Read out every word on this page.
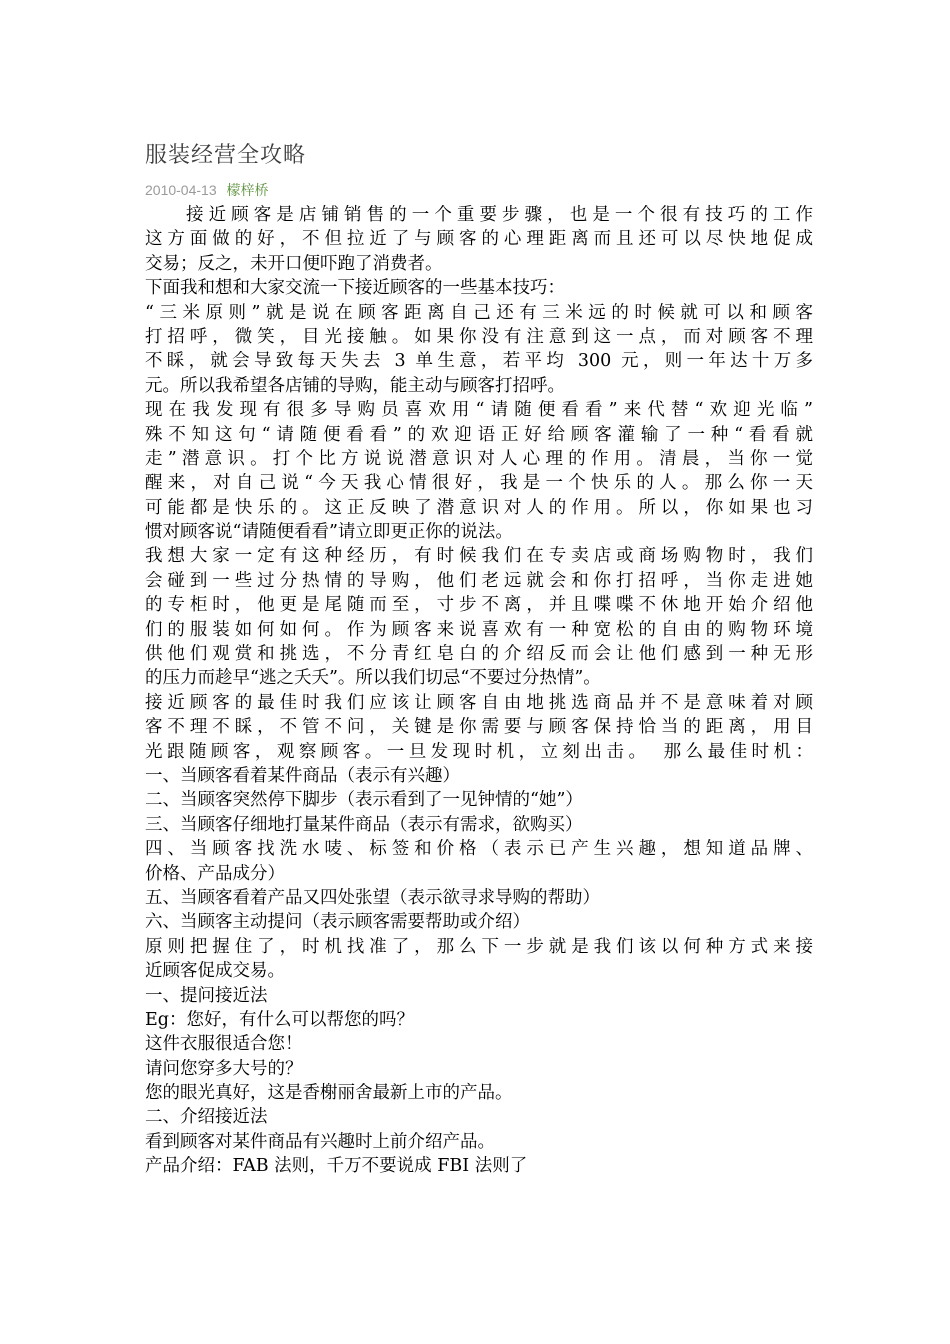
服装经营全攻略
2010-04-13 檬梓桥
接近顾客是店铺销售的一个重要步骤，也是一个很有技巧的工作
这方面做的好，不但拉近了与顾客的心理距离而且还可以尽快地促成
交易；反之，未开口便吓跑了消费者。
下面我和想和大家交流一下接近顾客的一些基本技巧：
“三米原则”就是说在顾客距离自己还有三米远的时候就可以和顾客
打招呼，微笑，目光接触。如果你没有注意到这一点，而对顾客不理
不睬，就会导致每天失去 3 单生意，若平均 300 元，则一年达十万多
元。所以我希望各店铺的导购，能主动与顾客打招呼。
现在我发现有很多导购员喜欢用“请随便看看”来代替“欢迎光临”
殊不知这句“请随便看看”的欢迎语正好给顾客灌输了一种“看看就
走”潜意识。打个比方说说潜意识对人心理的作用。清晨，当你一觉
醒来，对自己说“今天我心情很好，我是一个快乐的人。那么你一天
可能都是快乐的。这正反映了潜意识对人的作用。所以，你如果也习
惯对顾客说“请随便看看”请立即更正你的说法。
我想大家一定有这种经历，有时候我们在专卖店或商场购物时，我们
会碰到一些过分热情的导购，他们老远就会和你打招呼，当你走进她
的专柜时，他更是尾随而至，寸步不离，并且喋喋不休地开始介绍他
们的服装如何如何。作为顾客来说喜欢有一种宽松的自由的购物环境
供他们观赏和挑选，不分青红皂白的介绍反而会让他们感到一种无形
的压力而趁早“逃之夭夭”。所以我们切忌“不要过分热情”。
接近顾客的最佳时我们应该让顾客自由地挑选商品并不是意味着对顾
客不理不睬，不管不问，关键是你需要与顾客保持恰当的距离，用目
光跟随顾客，观察顾客。一旦发现时机，立刻出击。　那么最佳时机：
一、当顾客看着某件商品（表示有兴趣）
二、当顾客突然停下脚步（表示看到了一见钟情的“她”）
三、当顾客仔细地打量某件商品（表示有需求，欲购买）
四、当顾客找洗水唛、标签和价格（表示已产生兴趣，想知道品牌、
价格、产品成分）
五、当顾客看着产品又四处张望（表示欲寻求导购的帮助）
六、当顾客主动提问（表示顾客需要帮助或介绍）
原则把握住了，时机找准了，那么下一步就是我们该以何种方式来接
近顾客促成交易。
一、提问接近法
Eg：您好，有什么可以帮您的吗？
这件衣服很适合您！
请问您穿多大号的？
您的眼光真好，这是香榭丽舍最新上市的产品。
二、介绍接近法
看到顾客对某件商品有兴趣时上前介绍产品。
产品介绍：FAB 法则，千万不要说成 FBI 法则了
